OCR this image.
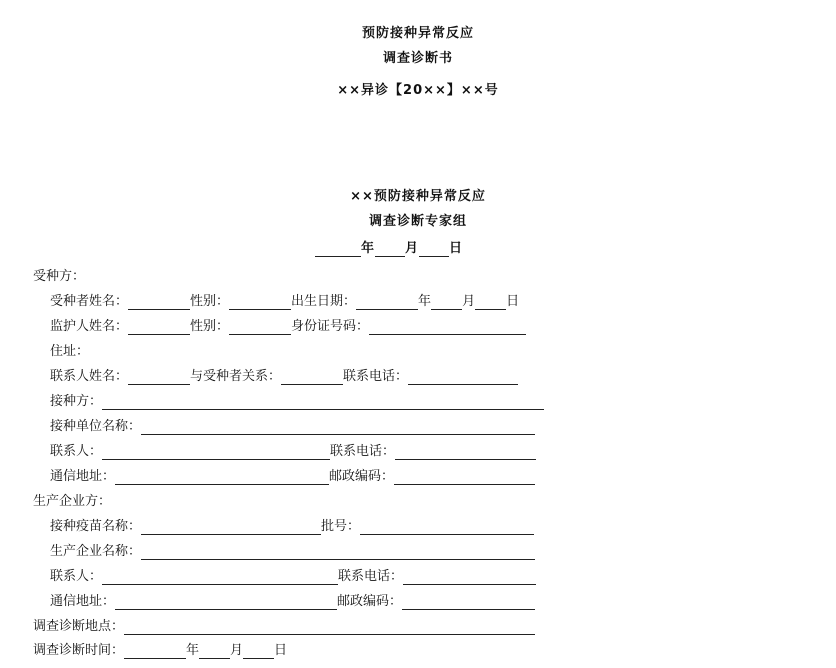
预防接种异常反应
调查诊断书
××异诊【20××】××号
××预防接种异常反应
调查诊断专家组
年 月 日
受种方：
受种者姓名：	性别：	出生日期：	年 月 日
监护人姓名：	性别：	身份证号码：
住址：
联系人姓名：	与受种者关系：	联系电话：
接种方：
接种单位名称：
联系人：	联系电话：
通信地址：	邮政编码：
生产企业方：
接种疫苗名称：	批号：
生产企业名称：
联系人：	联系电话：
通信地址：	邮政编码：
调查诊断地点：
调查诊断时间：	年 月 日
